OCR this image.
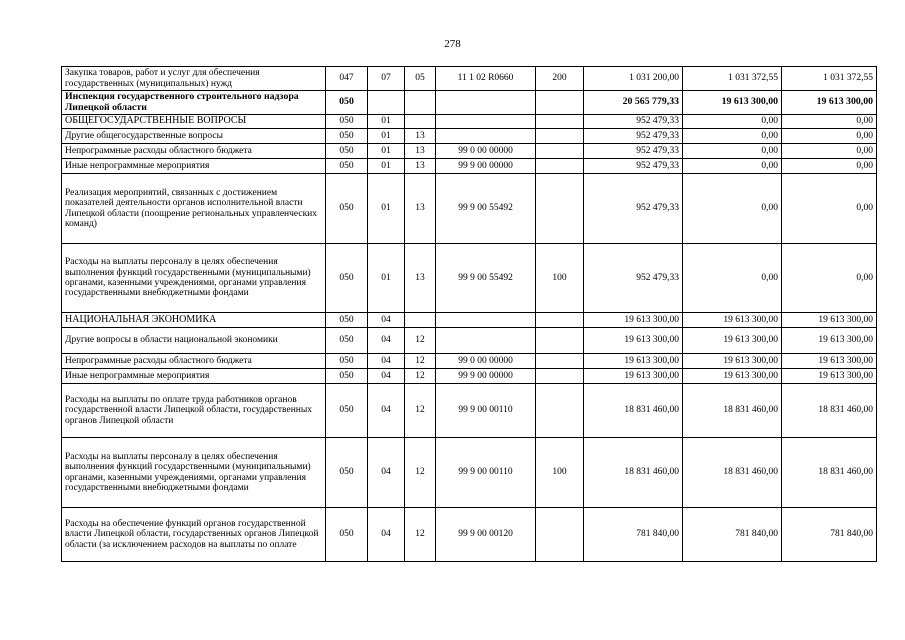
278
Закупка товаров, работ и услуг для обеспечения государственных (муниципальных) нужд	047	07	05	11 1 02 R0660	200	1 031 200,00	1 031 372,55	1 031 372,55
Инспекция государственного строительного надзора Липецкой области	050					20 565 779,33	19 613 300,00	19 613 300,00
ОБЩЕГОСУДАРСТВЕННЫЕ ВОПРОСЫ	050	01				952 479,33	0,00	0,00
Другие общегосударственные вопросы	050	01	13			952 479,33	0,00	0,00
Непрограммные расходы областного бюджета	050	01	13	99 0 00 00000		952 479,33	0,00	0,00
Иные непрограммные мероприятия	050	01	13	99 9 00 00000		952 479,33	0,00	0,00
Реализация мероприятий, связанных с достижением показателей деятельности органов исполнительной власти Липецкой области (поощрение региональных управленческих команд)	050	01	13	99 9 00 55492		952 479,33	0,00	0,00
Расходы на выплаты персоналу в целях обеспечения выполнения функций государственными (муниципальными) органами, казенными учреждениями, органами управления государственными внебюджетными фондами	050	01	13	99 9 00 55492	100	952 479,33	0,00	0,00
НАЦИОНАЛЬНАЯ ЭКОНОМИКА	050	04				19 613 300,00	19 613 300,00	19 613 300,00
Другие вопросы в области национальной экономики	050	04	12			19 613 300,00	19 613 300,00	19 613 300,00
Непрограммные расходы областного бюджета	050	04	12	99 0 00 00000		19 613 300,00	19 613 300,00	19 613 300,00
Иные непрограммные мероприятия	050	04	12	99 9 00 00000		19 613 300,00	19 613 300,00	19 613 300,00
Расходы на выплаты по оплате труда работников органов государственной власти Липецкой области, государственных органов Липецкой области	050	04	12	99 9 00 00110		18 831 460,00	18 831 460,00	18 831 460,00
Расходы на выплаты персоналу в целях обеспечения выполнения функций государственными (муниципальными) органами, казенными учреждениями, органами управления государственными внебюджетными фондами	050	04	12	99 9 00 00110	100	18 831 460,00	18 831 460,00	18 831 460,00
Расходы на обеспечение функций органов государственной власти Липецкой области, государственных органов Липецкой области (за исключением расходов на выплаты по оплате	050	04	12	99 9 00 00120		781 840,00	781 840,00	781 840,00
